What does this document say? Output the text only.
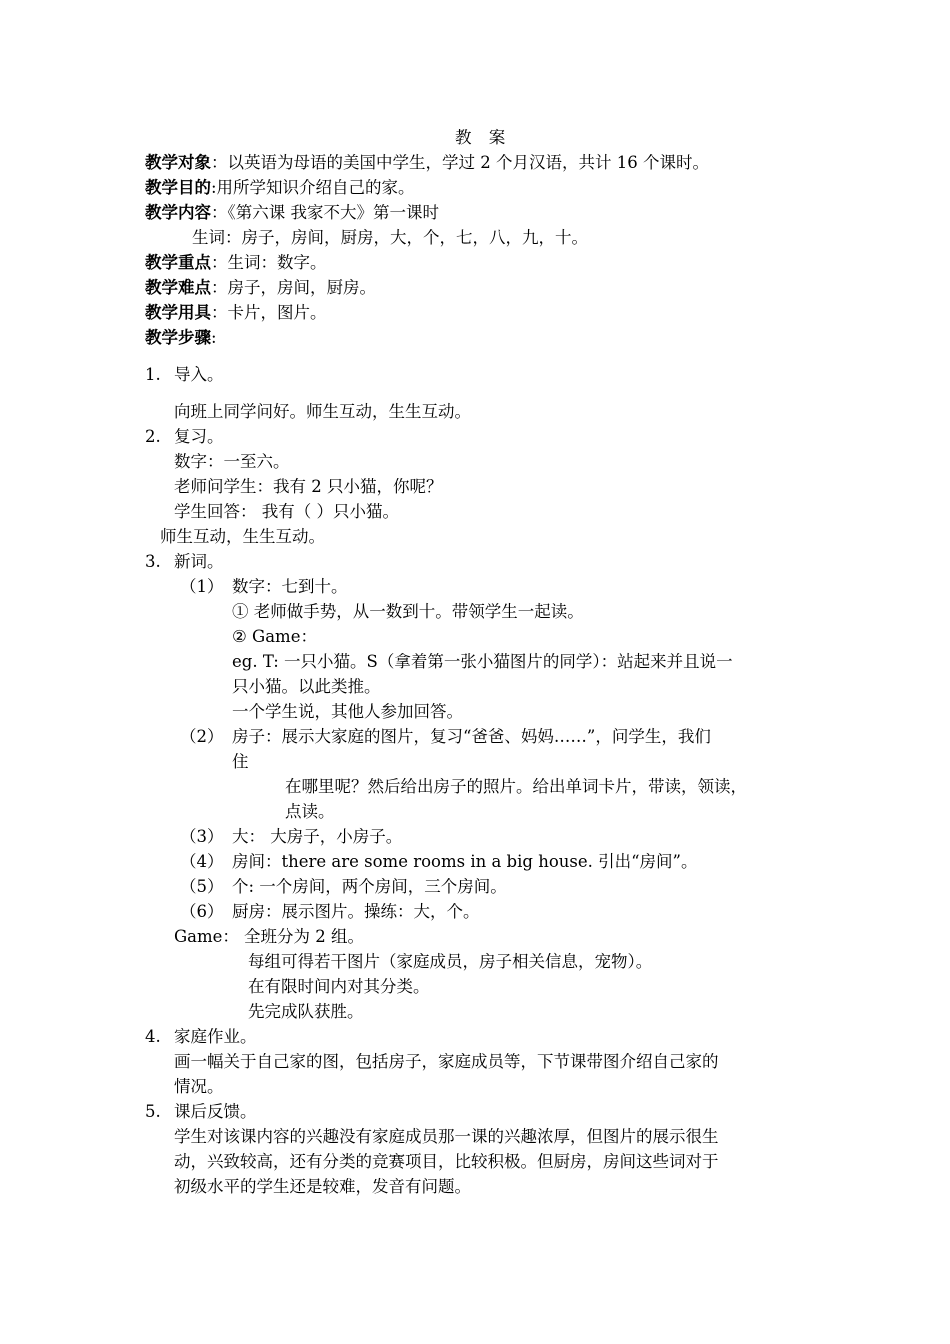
教 案
教学对象：以英语为母语的美国中学生，学过 2 个月汉语，共计 16 个课时。
教学目的:用所学知识介绍自己的家。
教学内容：《第六课 我家不大》第一课时
生词：房子，房间，厨房，大，个，七，八，九，十。
教学重点：生词：数字。
教学难点：房子，房间，厨房。
教学用具：卡片，图片。
教学步骤:
1. 导入。
向班上同学问好。师生互动，生生互动。
2. 复习。
数字：一至六。
老师问学生：我有 2 只小猫，你呢？
学生回答： 我有（ ）只小猫。
师生互动，生生互动。
3. 新词。
（1） 数字：七到十。
① 老师做手势，从一数到十。带领学生一起读。
② Game：
eg. T: 一只小猫。S（拿着第一张小猫图片的同学）：站起来并且说一
只小猫。以此类推。
一个学生说，其他人参加回答。
（2） 房子：展示大家庭的图片，复习“爸爸、妈妈……”，问学生，我们
住
在哪里呢？然后给出房子的照片。给出单词卡片，带读，领读，
点读。
（3） 大： 大房子，小房子。
（4） 房间：there are some rooms in a big house. 引出“房间”。
（5） 个: 一个房间，两个房间，三个房间。
（6） 厨房：展示图片。操练：大，个。
Game： 全班分为 2 组。
每组可得若干图片（家庭成员，房子相关信息，宠物）。
在有限时间内对其分类。
先完成队获胜。
4. 家庭作业。
画一幅关于自己家的图，包括房子，家庭成员等，下节课带图介绍自己家的
情况。
5. 课后反馈。
学生对该课内容的兴趣没有家庭成员那一课的兴趣浓厚，但图片的展示很生
动，兴致较高，还有分类的竞赛项目，比较积极。但厨房，房间这些词对于
初级水平的学生还是较难，发音有问题。
